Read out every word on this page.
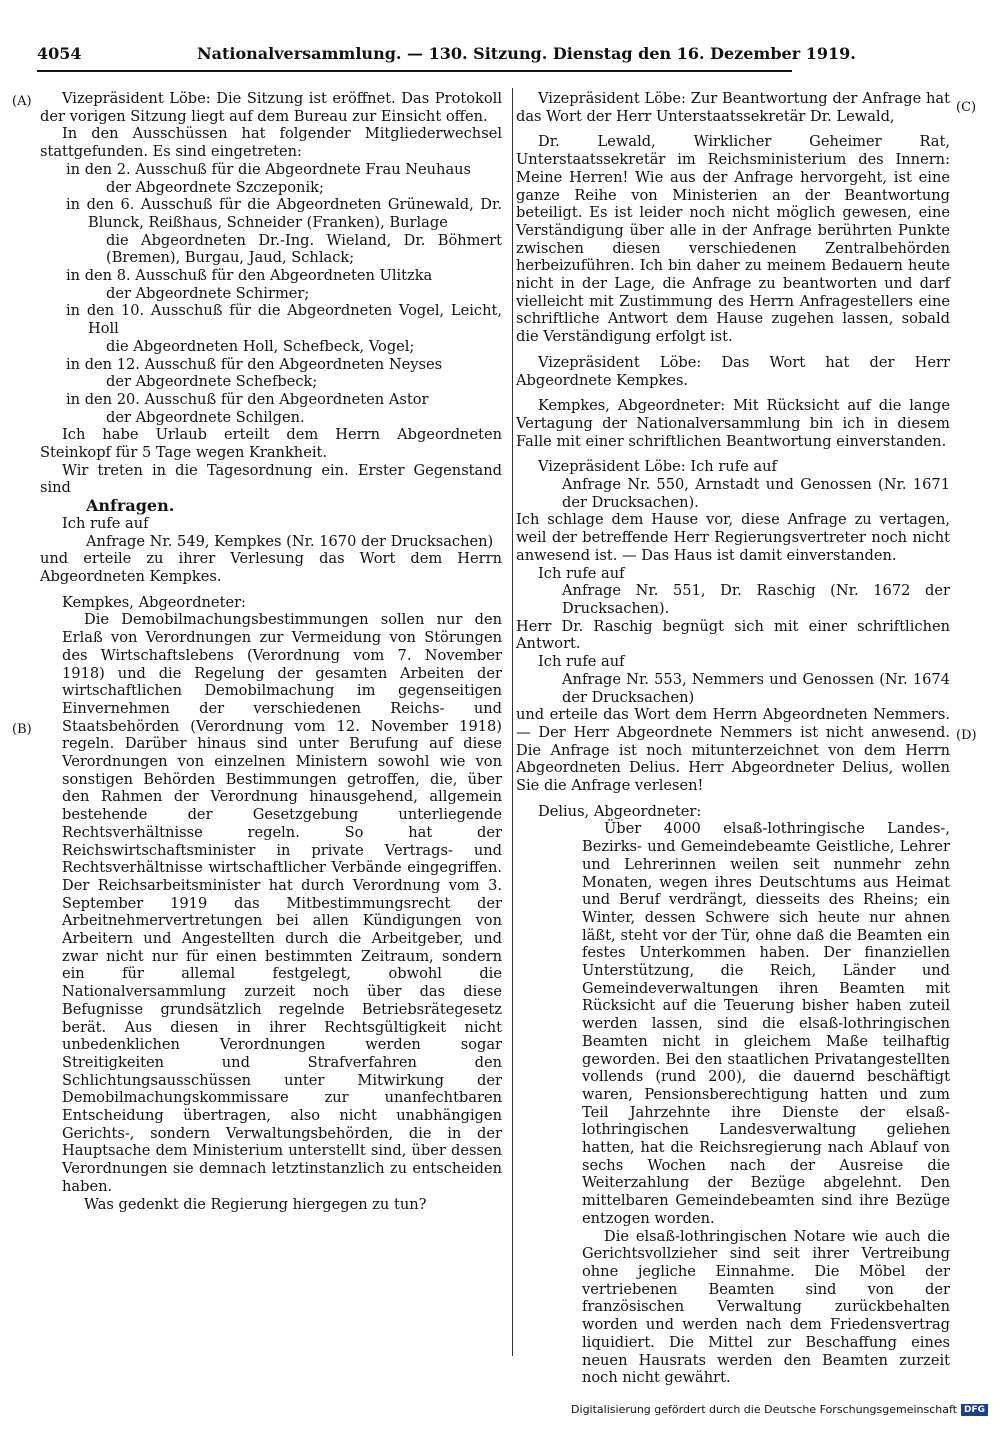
4054	Nationalversammlung. — 130. Sitzung. Dienstag den 16. Dezember 1919.
(A)
(B)
(C)
(D)

Vizepräsident Löbe: Die Sitzung ist eröffnet. Das Protokoll der vorigen Sitzung liegt auf dem Bureau zur Einsicht offen.

In den Ausschüssen hat folgender Mitgliederwechsel stattgefunden. Es sind eingetreten:

in den 2. Ausschuß für die Abgeordnete Frau Neuhaus

der Abgeordnete Szczeponik;

in den 6. Ausschuß für die Abgeordneten Grünewald, Dr. Blunck, Reißhaus, Schneider (Franken), Burlage

die Abgeordneten Dr.-Ing. Wieland, Dr. Böhmert (Bremen), Burgau, Jaud, Schlack;

in den 8. Ausschuß für den Abgeordneten Ulitzka

der Abgeordnete Schirmer;

in den 10. Ausschuß für die Abgeordneten Vogel, Leicht, Holl

die Abgeordneten Holl, Schefbeck, Vogel;

in den 12. Ausschuß für den Abgeordneten Neyses

der Abgeordnete Schefbeck;

in den 20. Ausschuß für den Abgeordneten Astor

der Abgeordnete Schilgen.

Ich habe Urlaub erteilt dem Herrn Abgeordneten Steinkopf für 5 Tage wegen Krankheit.

Wir treten in die Tagesordnung ein. Erster Gegenstand sind

Anfragen.

Ich rufe auf

Anfrage Nr. 549, Kempkes (Nr. 1670 der Drucksachen)

und erteile zu ihrer Verlesung das Wort dem Herrn Abgeordneten Kempkes.

Kempkes, Abgeordneter:

Die Demobilmachungsbestimmungen sollen nur den Erlaß von Verordnungen zur Vermeidung von Störungen des Wirtschaftslebens (Verordnung vom 7. November 1918) und die Regelung der gesamten Arbeiten der wirtschaftlichen Demobilmachung im gegenseitigen Einvernehmen der verschiedenen Reichs- und Staatsbehörden (Verordnung vom 12. November 1918) regeln. Darüber hinaus sind unter Berufung auf diese Verordnungen von einzelnen Ministern sowohl wie von sonstigen Behörden Bestimmungen getroffen, die, über den Rahmen der Verordnung hinausgehend, allgemein bestehende der Gesetzgebung unterliegende Rechtsverhältnisse regeln. So hat der Reichswirtschaftsminister in private Vertrags- und Rechtsverhältnisse wirtschaftlicher Verbände eingegriffen. Der Reichsarbeitsminister hat durch Verordnung vom 3. September 1919 das Mitbestimmungsrecht der Arbeitnehmervertretungen bei allen Kündigungen von Arbeitern und Angestellten durch die Arbeitgeber, und zwar nicht nur für einen bestimmten Zeitraum, sondern ein für allemal festgelegt, obwohl die Nationalversammlung zurzeit noch über das diese Befugnisse grundsätzlich regelnde Betriebsrätegesetz berät. Aus diesen in ihrer Rechtsgültigkeit nicht unbedenklichen Verordnungen werden sogar Streitigkeiten und Strafverfahren den Schlichtungsausschüssen unter Mitwirkung der Demobilmachungskommissare zur unanfechtbaren Entscheidung übertragen, also nicht unabhängigen Gerichts-, sondern Verwaltungsbehörden, die in der Hauptsache dem Ministerium unterstellt sind, über dessen Verordnungen sie demnach letztinstanzlich zu entscheiden haben.

Was gedenkt die Regierung hiergegen zu tun?

Vizepräsident Löbe: Zur Beantwortung der Anfrage hat das Wort der Herr Unterstaatssekretär Dr. Lewald,

Dr. Lewald, Wirklicher Geheimer Rat, Unterstaatssekretär im Reichsministerium des Innern: Meine Herren! Wie aus der Anfrage hervorgeht, ist eine ganze Reihe von Ministerien an der Beantwortung beteiligt. Es ist leider noch nicht möglich gewesen, eine Verständigung über alle in der Anfrage berührten Punkte zwischen diesen verschiedenen Zentralbehörden herbeizuführen. Ich bin daher zu meinem Bedauern heute nicht in der Lage, die Anfrage zu beantworten und darf vielleicht mit Zustimmung des Herrn Anfragestellers eine schriftliche Antwort dem Hause zugehen lassen, sobald die Verständigung erfolgt ist.

Vizepräsident Löbe: Das Wort hat der Herr Abgeordnete Kempkes.

Kempkes, Abgeordneter: Mit Rücksicht auf die lange Vertagung der Nationalversammlung bin ich in diesem Falle mit einer schriftlichen Beantwortung einverstanden.

Vizepräsident Löbe: Ich rufe auf

Anfrage Nr. 550, Arnstadt und Genossen (Nr. 1671 der Drucksachen).

Ich schlage dem Hause vor, diese Anfrage zu vertagen, weil der betreffende Herr Regierungsvertreter noch nicht anwesend ist. — Das Haus ist damit einverstanden.

Ich rufe auf

Anfrage Nr. 551, Dr. Raschig (Nr. 1672 der Drucksachen).

Herr Dr. Raschig begnügt sich mit einer schriftlichen Antwort.

Ich rufe auf

Anfrage Nr. 553, Nemmers und Genossen (Nr. 1674 der Drucksachen)

und erteile das Wort dem Herrn Abgeordneten Nemmers. — Der Herr Abgeordnete Nemmers ist nicht anwesend. Die Anfrage ist noch mitunterzeichnet von dem Herrn Abgeordneten Delius. Herr Abgeordneter Delius, wollen Sie die Anfrage verlesen!

Delius, Abgeordneter:

Über 4000 elsaß-lothringische Landes-, Bezirks- und Gemeindebeamte Geistliche, Lehrer und Lehrerinnen weilen seit nunmehr zehn Monaten, wegen ihres Deutschtums aus Heimat und Beruf verdrängt, diesseits des Rheins; ein Winter, dessen Schwere sich heute nur ahnen läßt, steht vor der Tür, ohne daß die Beamten ein festes Unterkommen haben. Der finanziellen Unterstützung, die Reich, Länder und Gemeindeverwaltungen ihren Beamten mit Rücksicht auf die Teuerung bisher haben zuteil werden lassen, sind die elsaß-lothringischen Beamten nicht in gleichem Maße teilhaftig geworden. Bei den staatlichen Privatangestellten vollends (rund 200), die dauernd beschäftigt waren, Pensionsberechtigung hatten und zum Teil Jahrzehnte ihre Dienste der elsaß-lothringischen Landesverwaltung geliehen hatten, hat die Reichsregierung nach Ablauf von sechs Wochen nach der Ausreise die Weiterzahlung der Bezüge abgelehnt. Den mittelbaren Gemeindebeamten sind ihre Bezüge entzogen worden.

Die elsaß-lothringischen Notare wie auch die Gerichtsvollzieher sind seit ihrer Vertreibung ohne jegliche Einnahme. Die Möbel der vertriebenen Beamten sind von der französischen Verwaltung zurückbehalten worden und werden nach dem Friedensvertrag liquidiert. Die Mittel zur Beschaffung eines neuen Hausrats werden den Beamten zurzeit noch nicht gewährt.

Digitalisierung gefördert durch die Deutsche Forschungsgemeinschaft DFG
